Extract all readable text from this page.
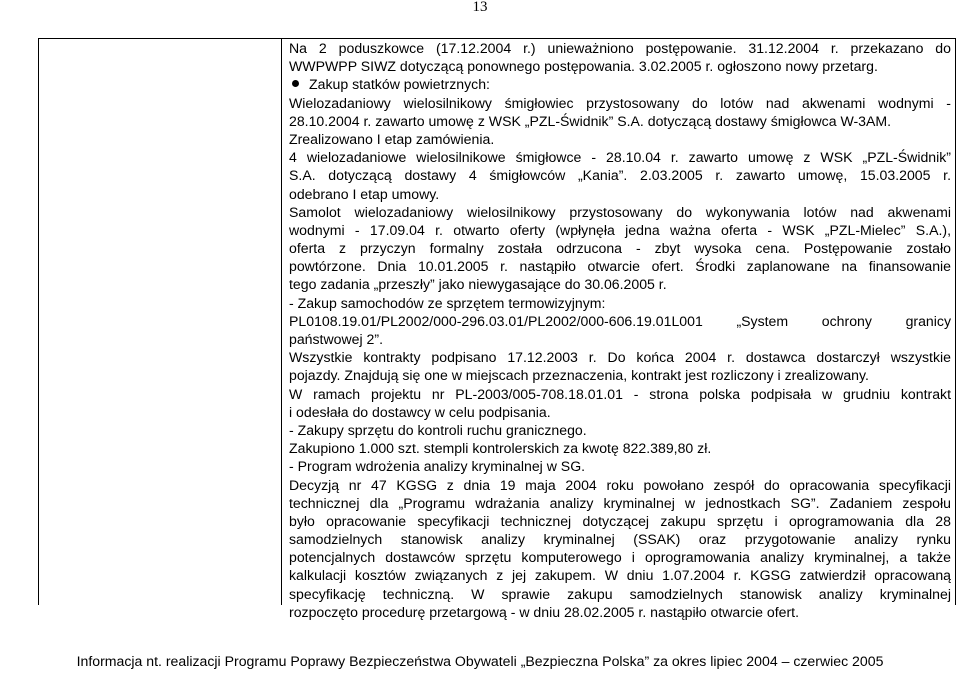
13
Na 2 poduszkowce (17.12.2004 r.) unieważniono postępowanie. 31.12.2004 r. przekazano do
WWPWPP SIWZ dotyczącą ponownego postępowania. 3.02.2005 r. ogłoszono nowy przetarg.
Zakup statków powietrznych:
Wielozadaniowy wielosilnikowy śmigłowiec przystosowany do lotów nad akwenami wodnymi -
28.10.2004 r. zawarto umowę z WSK „PZL-Świdnik” S.A. dotyczącą dostawy śmigłowca W-3AM.
Zrealizowano I etap zamówienia.
4 wielozadaniowe wielosilnikowe śmigłowce - 28.10.04 r. zawarto umowę z WSK „PZL-Świdnik”
S.A. dotyczącą dostawy 4 śmigłowców „Kania”. 2.03.2005 r. zawarto umowę, 15.03.2005 r.
odebrano I etap umowy.
Samolot wielozadaniowy wielosilnikowy przystosowany do wykonywania lotów nad akwenami
wodnymi - 17.09.04 r. otwarto oferty (wpłynęła jedna ważna oferta - WSK „PZL-Mielec” S.A.),
oferta z przyczyn formalny została odrzucona - zbyt wysoka cena. Postępowanie zostało
powtórzone. Dnia 10.01.2005 r. nastąpiło otwarcie ofert. Środki zaplanowane na finansowanie
tego zadania „przeszły” jako niewygasające do 30.06.2005 r.
- Zakup samochodów ze sprzętem termowizyjnym:
PL0108.19.01/PL2002/000-296.03.01/PL2002/000-606.19.01L001 „System ochrony granicy
państwowej 2”.
Wszystkie kontrakty podpisano 17.12.2003 r. Do końca 2004 r. dostawca dostarczył wszystkie
pojazdy. Znajdują się one w miejscach przeznaczenia, kontrakt jest rozliczony i zrealizowany.
W ramach projektu nr PL-2003/005-708.18.01.01 - strona polska podpisała w grudniu kontrakt
i odesłała do dostawcy w celu podpisania.
- Zakupy sprzętu do kontroli ruchu granicznego.
Zakupiono 1.000 szt. stempli kontrolerskich za kwotę 822.389,80 zł.
- Program wdrożenia analizy kryminalnej w SG.
Decyzją nr 47 KGSG z dnia 19 maja 2004 roku powołano zespół do opracowania specyfikacji
technicznej dla „Programu wdrażania analizy kryminalnej w jednostkach SG”. Zadaniem zespołu
było opracowanie specyfikacji technicznej dotyczącej zakupu sprzętu i oprogramowania dla 28
samodzielnych stanowisk analizy kryminalnej (SSAK) oraz przygotowanie analizy rynku
potencjalnych dostawców sprzętu komputerowego i oprogramowania analizy kryminalnej, a także
kalkulacji kosztów związanych z jej zakupem. W dniu 1.07.2004 r. KGSG zatwierdził opracowaną
specyfikację techniczną. W sprawie zakupu samodzielnych stanowisk analizy kryminalnej
rozpoczęto procedurę przetargową - w dniu 28.02.2005 r. nastąpiło otwarcie ofert.
Informacja nt. realizacji Programu Poprawy Bezpieczeństwa Obywateli „Bezpieczna Polska” za okres lipiec 2004 – czerwiec 2005
